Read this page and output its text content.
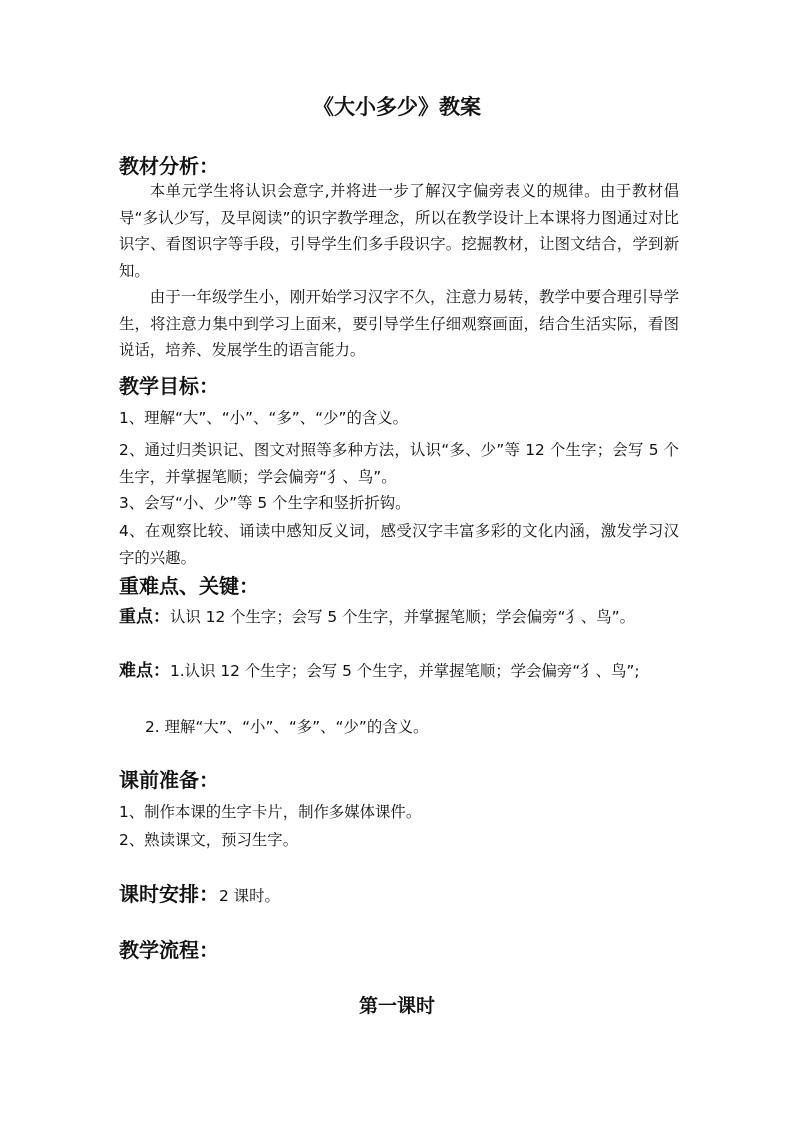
《大小多少》教案
教材分析：
本单元学生将认识会意字,并将进一步了解汉字偏旁表义的规律。由于教材倡导“多认少写，及早阅读”的识字教学理念，所以在教学设计上本课将力图通过对比识字、看图识字等手段，引导学生们多手段识字。挖掘教材，让图文结合，学到新知。
由于一年级学生小，刚开始学习汉字不久，注意力易转，教学中要合理引导学生，将注意力集中到学习上面来，要引导学生仔细观察画面，结合生活实际，看图说话，培养、发展学生的语言能力。
教学目标：
1、理解“大”、“小”、“多”、“少”的含义。
2、通过归类识记、图文对照等多种方法，认识“多、少”等 12 个生字；会写 5 个生字，并掌握笔顺；学会偏旁“犭、鸟”。
3、会写“小、少”等 5 个生字和竖折折钩。
4、在观察比较、诵读中感知反义词，感受汉字丰富多彩的文化内涵，激发学习汉字的兴趣。
重难点、关键：
重点：认识 12 个生字；会写 5 个生字，并掌握笔顺；学会偏旁“犭、鸟”。
难点：1.认识 12 个生字；会写 5 个生字，并掌握笔顺；学会偏旁“犭、鸟”;
2. 理解“大”、“小”、“多”、“少”的含义。
课前准备：
1、制作本课的生字卡片，制作多媒体课件。
2、熟读课文，预习生字。
课时安排：2 课时。
教学流程：
第一课时
